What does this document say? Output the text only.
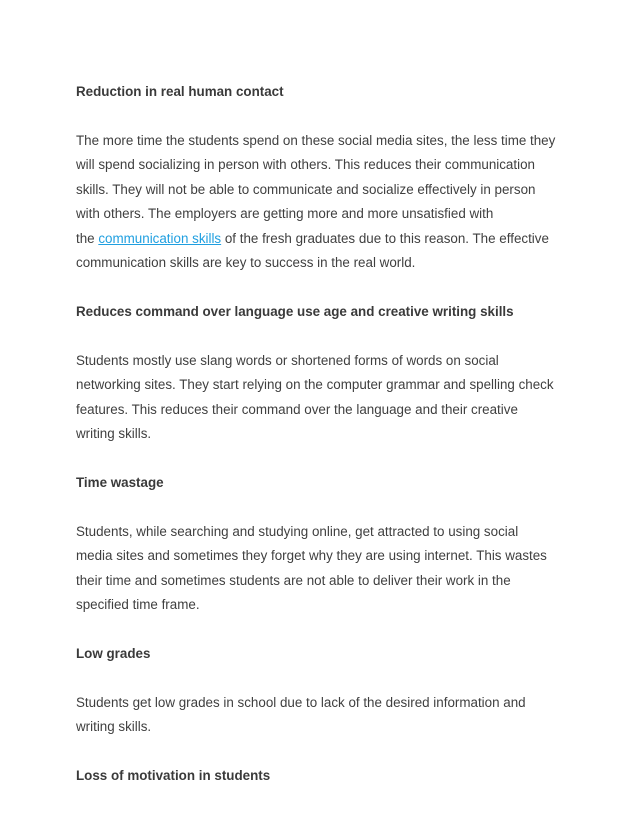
Reduction in real human contact

The more time the students spend on these social media sites, the less time they
will spend socializing in person with others. This reduces their communication
skills. They will not be able to communicate and socialize effectively in person
with others. The employers are getting more and more unsatisfied with
the communication skills of the fresh graduates due to this reason. The effective
communication skills are key to success in the real world.

Reduces command over language use age and creative writing skills

Students mostly use slang words or shortened forms of words on social
networking sites. They start relying on the computer grammar and spelling check
features. This reduces their command over the language and their creative
writing skills.

Time wastage

Students, while searching and studying online, get attracted to using social
media sites and sometimes they forget why they are using internet. This wastes
their time and sometimes students are not able to deliver their work in the
specified time frame.

Low grades

Students get low grades in school due to lack of the desired information and
writing skills.

Loss of motivation in students
